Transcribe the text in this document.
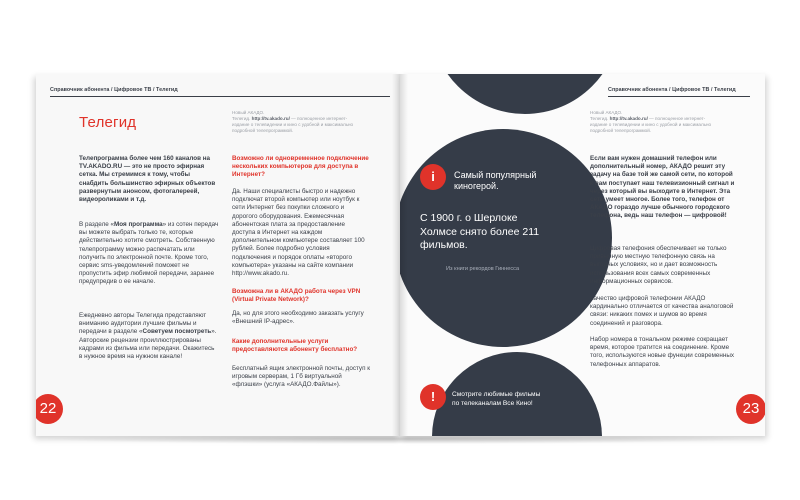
Справочник абонента / Цифровое ТВ / Телегид
Телегид
Новый АКАДО.
Телегид. http://tv.akado.ru/ — полноценное интернет-издание о телевидении и кино с удобной и максимально подробной телепрограммой.
Телепрограмма более чем 160 каналов на TV.AKADO.RU — это не просто эфирная сетка. Мы стремимся к тому, чтобы снабдить большинство эфирных объектов развернутым анонсом, фотогалереей, видеороликами и т.д.
В разделе «Моя программа» из сотен передач вы можете выбрать только те, которые действительно хотите смотреть. Собственную телепрограмму можно распечатать или получить по электронной почте. Кроме того, сервис sms-уведомлений поможет не пропустить эфир любимой передачи, заранее предупредив о ее начале.
Ежедневно авторы Телегида представляют вниманию аудитории лучшие фильмы и передачи в разделе «Советуем посмотреть». Авторские рецензии проиллюстрированы кадрами из фильма или передачи. Окажитесь в нужное время на нужном канале!
Возможно ли одновременное подключение нескольких компьютеров для доступа в Интернет?
Да. Наши специалисты быстро и надежно подключат второй компьютер или ноутбук к сети Интернет без покупки сложного и дорогого оборудования. Ежемесячная абонентская плата за предоставление доступа в Интернет на каждом дополнительном компьютере составляет 100 рублей. Более подробно условия подключения и порядок оплаты «второго компьютера» указаны на сайте компании http://www.akado.ru.
Возможна ли в АКАДО работа через VPN (Virtual Private Network)?
Да, но для этого необходимо заказать услугу «Внешний IP-адрес».
Какие дополнительные услуги предоставляются абоненту бесплатно?
Бесплатный ящик электронной почты, доступ к игровым серверам, 1 Гб виртуальной «флэшки» (услуга «АКАДО.Файлы»).
22
i	Самый популярный
киногерой.
С 1900 г. о Шерлоке Холмсе снято более 211 фильмов.
Из книги рекордов Гиннесса
!	Смотрите любимые фильмы
по телеканалам Все Кино!
Справочник абонента / Цифровое ТВ / Телегид
Новый АКАДО.
Телегид. http://tv.akado.ru/ — полноценное интернет-издание о телевидении и кино с удобной и максимально подробной телепрограммой.
Если вам нужен домашний телефон или дополнительный номер, АКАДО решит эту задачу на базе той же самой сети, по которой к вам поступает наш телевизионный сигнал и через который вы выходите в Интернет. Эта сеть умеет многое. Более того, телефон от АКАДО гораздо лучше обычного городского телефона, ведь наш телефон — цифровой!
Цифровая телефония обеспечивает не только привычную местную телефонную связь на выгодных условиях, но и дает возможность использования всех самых современных информационных сервисов.
Качество цифровой телефонии АКАДО кардинально отличается от качества аналоговой связи: никаких помех и шумов во время соединений и разговора.
Набор номера в тональном режиме сокращает время, которое тратится на соединение. Кроме того, используются новые функции современных телефонных аппаратов.
23
